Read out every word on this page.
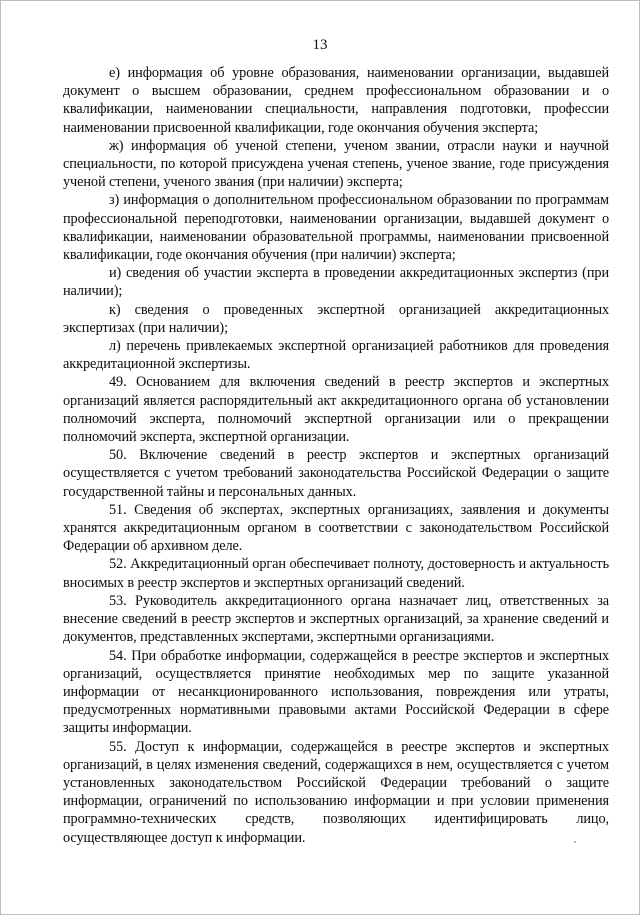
13

е) информация об уровне образования, наименовании организации, выдавшей документ о высшем образовании, среднем профессиональном образовании и о квалификации, наименовании специальности, направления подготовки, профессии наименовании присвоенной квалификации, годе окончания обучения эксперта;

ж) информация об ученой степени, ученом звании, отрасли науки и научной специальности, по которой присуждена ученая степень, ученое звание, годе присуждения ученой степени, ученого звания (при наличии) эксперта;

з) информация о дополнительном профессиональном образовании по программам профессиональной переподготовки, наименовании организации, выдавшей документ о квалификации, наименовании образовательной программы, наименовании присвоенной квалификации, годе окончания обучения (при наличии) эксперта;

и) сведения об участии эксперта в проведении аккредитационных экспертиз (при наличии);

к) сведения о проведенных экспертной организацией аккредитационных экспертизах (при наличии);

л) перечень привлекаемых экспертной организацией работников для проведения аккредитационной экспертизы.

49. Основанием для включения сведений в реестр экспертов и экспертных организаций является распорядительный акт аккредитационного органа об установлении полномочий эксперта, полномочий экспертной организации или о прекращении полномочий эксперта, экспертной организации.

50. Включение сведений в реестр экспертов и экспертных организаций осуществляется с учетом требований законодательства Российской Федерации о защите государственной тайны и персональных данных.

51. Сведения об экспертах, экспертных организациях, заявления и документы хранятся аккредитационным органом в соответствии с законодательством Российской Федерации об архивном деле.

52. Аккредитационный орган обеспечивает полноту, достоверность и актуальность вносимых в реестр экспертов и экспертных организаций сведений.

53. Руководитель аккредитационного органа назначает лиц, ответственных за внесение сведений в реестр экспертов и экспертных организаций, за хранение сведений и документов, представленных экспертами, экспертными организациями.

54. При обработке информации, содержащейся в реестре экспертов и экспертных организаций, осуществляется принятие необходимых мер по защите указанной информации от несанкционированного использования, повреждения или утраты, предусмотренных нормативными правовыми актами Российской Федерации в сфере защиты информации.

55. Доступ к информации, содержащейся в реестре экспертов и экспертных организаций, в целях изменения сведений, содержащихся в нем, осуществляется с учетом установленных законодательством Российской Федерации требований о защите информации, ограничений по использованию информации и при условии применения программно-технических средств, позволяющих идентифицировать лицо, осуществляющее доступ к информации.
